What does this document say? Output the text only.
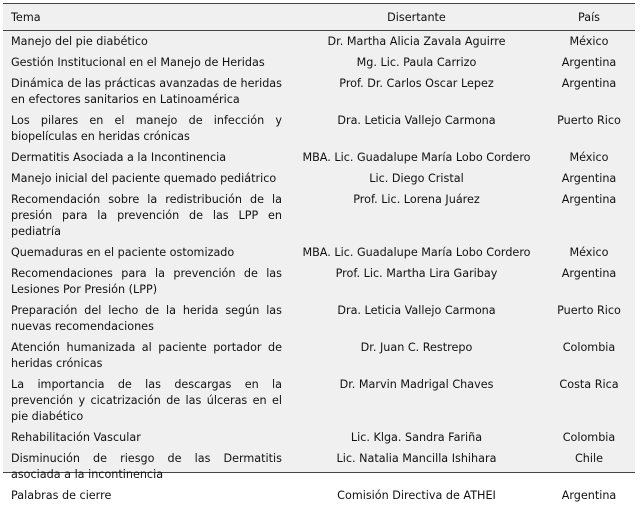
Tema	Disertante	País
Manejo del pie diabético	Dr. Martha Alicia Zavala Aguirre	México
Gestión Institucional en el Manejo de Heridas	Mg. Lic. Paula Carrizo	Argentina
Dinámica de las prácticas avanzadas de heridas en efectores sanitarios en Latinoamérica	Prof. Dr. Carlos Oscar Lepez	Argentina
Los pilares en el manejo de infección y biopelículas en heridas crónicas	Dra. Leticia Vallejo Carmona	Puerto Rico
Dermatitis Asociada a la Incontinencia	MBA. Lic. Guadalupe María Lobo Cordero	México
Manejo inicial del paciente quemado pediátrico	Lic. Diego Cristal	Argentina
Recomendación sobre la redistribución de la presión para la prevención de las LPP en pediatría	Prof. Lic. Lorena Juárez	Argentina
Quemaduras en el paciente ostomizado	MBA. Lic. Guadalupe María Lobo Cordero	México
Recomendaciones para la prevención de las Lesiones Por Presión (LPP)	Prof. Lic. Martha Lira Garibay	Argentina
Preparación del lecho de la herida según las nuevas recomendaciones	Dra. Leticia Vallejo Carmona	Puerto Rico
Atención humanizada al paciente portador de heridas crónicas	Dr. Juan C. Restrepo	Colombia
La importancia de las descargas en la prevención y cicatrización de las úlceras en el pie diabético	Dr. Marvin Madrigal Chaves	Costa Rica
Rehabilitación Vascular	Lic. Klga. Sandra Fariña	Colombia
Disminución de riesgo de las Dermatitis asociada a la incontinencia	Lic. Natalia Mancilla Ishihara	Chile
Palabras de cierre	Comisión Directiva de ATHEI	Argentina
